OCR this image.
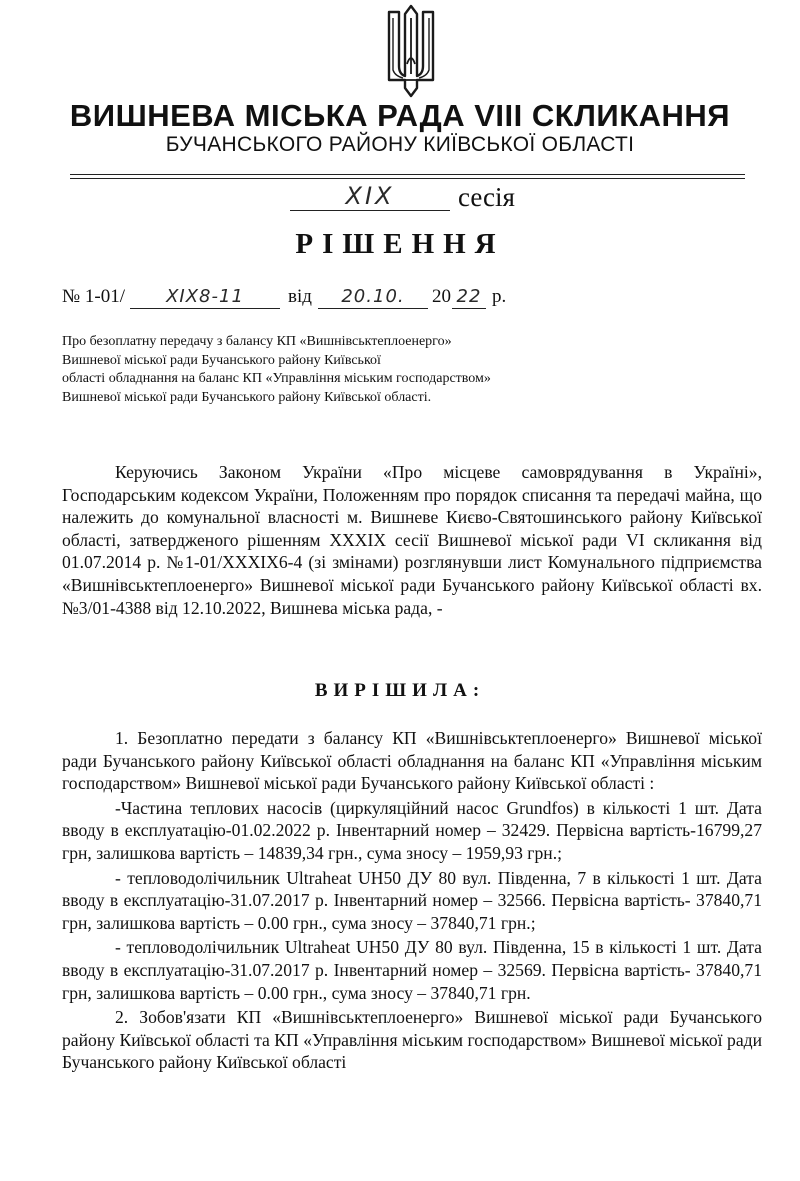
ВИШНЕВА МІСЬКА РАДА VIII СКЛИКАННЯ
БУЧАНСЬКОГО РАЙОНУ КИЇВСЬКОЇ ОБЛАСТІ
XIX	сесія
РІШЕННЯ
№ 1-01/	XIX8-11	від	20.10.	20 22 р.
Про безоплатну передачу з балансу КП «Вишнівськтеплоенерго»
Вишневої міської ради Бучанського району Київської
області обладнання на баланс КП «Управління міським господарством»
Вишневої міської ради Бучанського району Київської області.

Керуючись Законом України «Про місцеве самоврядування в Україні», Господарським кодексом України, Положенням про порядок списання та передачі майна, що належить до комунальної власності м. Вишневе Києво-Святошинського району Київської області, затвердженого рішенням XXXIX сесії Вишневої міської ради VI скликання від 01.07.2014 р. №1-01/XXXIX6-4 (зі змінами) розглянувши лист Комунального підприємства «Вишнівськтеплоенерго» Вишневої міської ради Бучанського району Київської області вх. №3/01-4388 від 12.10.2022, Вишнева міська рада, -

ВИРІШИЛА:

1. Безоплатно передати з балансу КП «Вишнівськтеплоенерго» Вишневої міської ради Бучанського району Київської області обладнання на баланс КП «Управління міським господарством» Вишневої міської ради Бучанського району Київської області :

-Частина теплових насосів (циркуляційний насос Grundfos) в кількості 1 шт. Дата вводу в експлуатацію-01.02.2022 р. Інвентарний номер – 32429. Первісна вартість-16799,27 грн, залишкова вартість – 14839,34 грн., сума зносу – 1959,93 грн.;

- тепловодолічильник Ultraheat UH50 ДУ 80 вул. Південна, 7 в кількості 1 шт. Дата вводу в експлуатацію-31.07.2017 р. Інвентарний номер – 32566. Первісна вартість- 37840,71 грн, залишкова вартість – 0.00 грн., сума зносу – 37840,71 грн.;

- тепловодолічильник Ultraheat UH50 ДУ 80 вул. Південна, 15 в кількості 1 шт. Дата вводу в експлуатацію-31.07.2017 р. Інвентарний номер – 32569. Первісна вартість- 37840,71 грн, залишкова вартість – 0.00 грн., сума зносу – 37840,71 грн.

2. Зобов'язати КП «Вишнівськтеплоенерго» Вишневої міської ради Бучанського району Київської області та КП «Управління міським господарством» Вишневої міської ради Бучанського району Київської області
